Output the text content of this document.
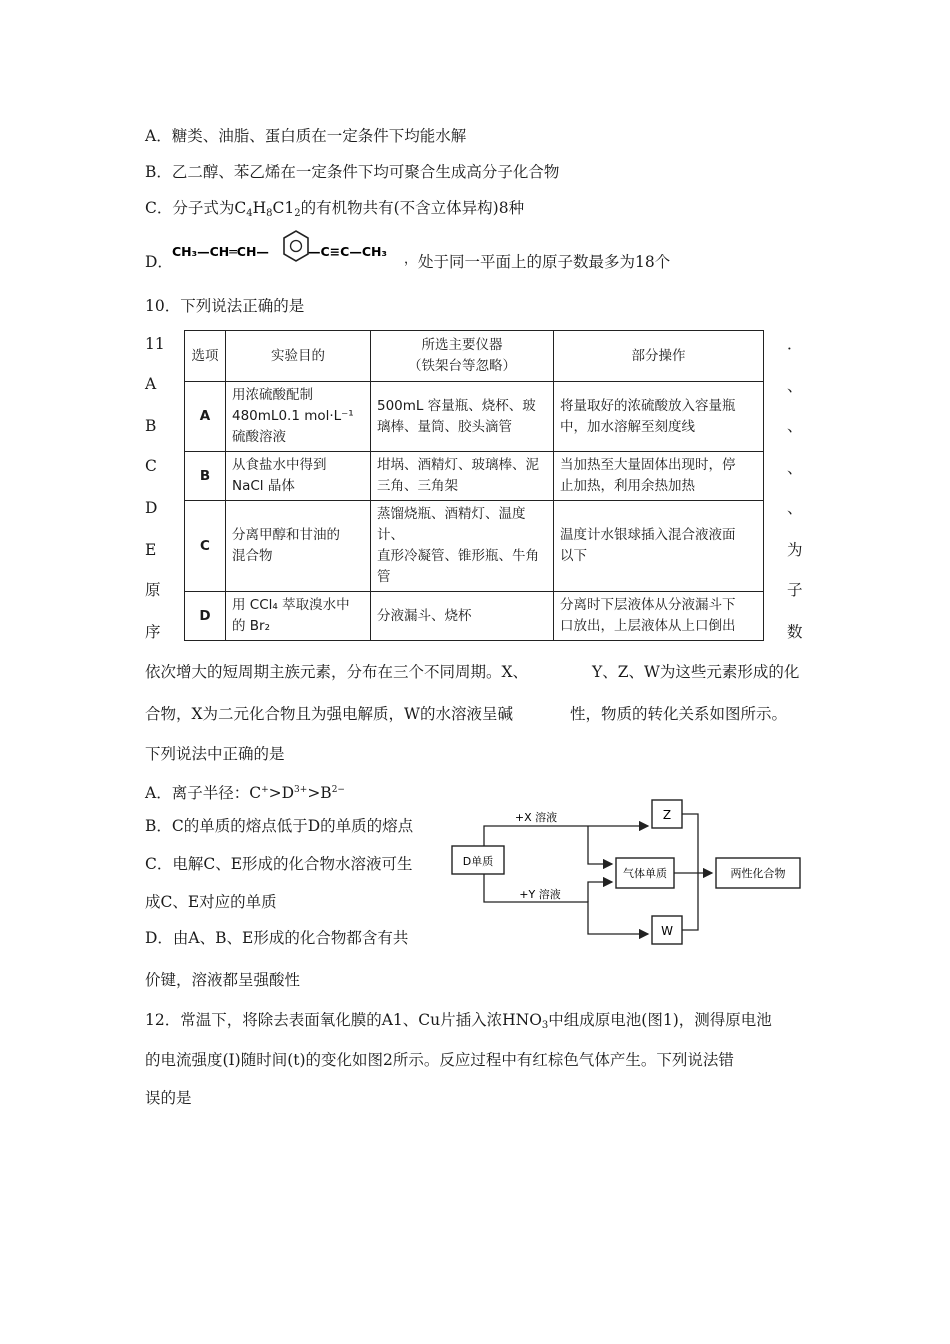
A．糖类、油脂、蛋白质在一定条件下均能水解
B．乙二醇、苯乙烯在一定条件下均可聚合生成高分子化合物
C．分子式为$C_4H_8C1_2$的有机物共有(不含立体异构)8种
D．
CH₃—CH═CH—	—C≡C—CH₃
， 处于同一平面上的原子数最多为18个
10．下列说法正确的是
11
A
B
C
D
E
原
序
．
、
、
、
、
为
子
数
选项	实验目的	所选主要仪器
（铁架台等忽略）	部分操作
A	用浓硫酸配制
480mL0.1 mol·L⁻¹
硫酸溶液	500mL 容量瓶、烧杯、玻
璃棒、量筒、胶头滴管	将量取好的浓硫酸放入容量瓶
中，加水溶解至刻度线
B	从食盐水中得到
NaCl 晶体	坩埚、酒精灯、玻璃棒、泥
三角、三角架	当加热至大量固体出现时，停
止加热，利用余热加热
C	分离甲醇和甘油的
混合物	蒸馏烧瓶、酒精灯、温度计、
直形冷凝管、锥形瓶、牛角管	温度计水银球插入混合液液面
以下
D	用 CCl₄ 萃取溴水中
的 Br₂	分液漏斗、烧杯	分离时下层液体从分液漏斗下
口放出，上层液体从上口倒出
依次增大的短周期主族元素，分布在三个不同周期。X、	Y、Z、W为这些元素形成的化
合物，X为二元化合物且为强电解质，W的水溶液呈碱	性，物质的转化关系如图所示。
下列说法中正确的是
A．离子半径：$C^+>D^{3+}>B^{2-}$
B．C的单质的熔点低于D的单质的熔点
C．电解C、E形成的化合物水溶液可生
成C、E对应的单质
D．由A、B、E形成的化合物都含有共
价键，溶液都呈强酸性
D单质
Z
气体单质
W
两性化合物
+X 溶液
+Y 溶液
12．常温下，将除去表面氧化膜的A1、Cu片插入浓$HNO_3$中组成原电池(图1)，测得原电池
的电流强度(I)随时间(t)的变化如图2所示。反应过程中有红棕色气体产生。下列说法错
误的是
